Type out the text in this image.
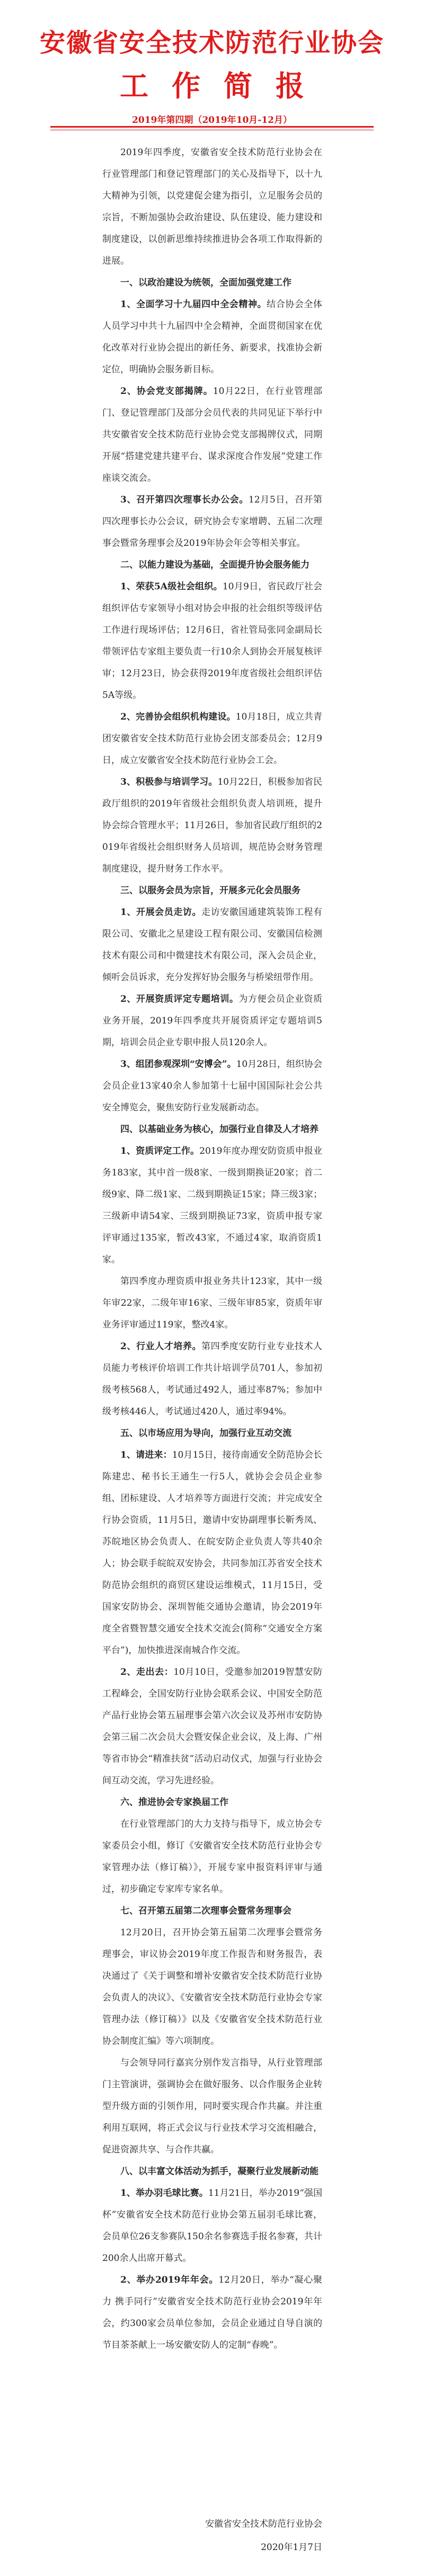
安徽省安全技术防范行业协会
工作简报
2019年第四期（2019年10月-12月）

2019年四季度，安徽省安全技术防范行业协会在行业管理部门和登记管理部门的关心及指导下，以十九大精神为引领，以党建促会建为指引，立足服务会员的宗旨，不断加强协会政治建设、队伍建设、能力建设和制度建设，以创新思维持续推进协会各项工作取得新的进展。

一、以政治建设为统领，全面加强党建工作

1、全面学习十九届四中全会精神。结合协会全体人员学习中共十九届四中全会精神，全面贯彻国家在优化改革对行业协会提出的新任务、新要求，找准协会新定位，明确协会服务新目标。

2、协会党支部揭牌。10月22日，在行业管理部门、登记管理部门及部分会员代表的共同见证下举行中共安徽省安全技术防范行业协会党支部揭牌仪式，同期开展“搭建党建共建平台、谋求深度合作发展”党建工作座谈交流会。

3、召开第四次理事长办公会。12月5日，召开第四次理事长办公会议，研究协会专家增聘、五届二次理事会暨常务理事会及2019年协会年会等相关事宜。

二、以能力建设为基础，全面提升协会服务能力

1、荣获5A级社会组织。10月9日，省民政厅社会组织评估专家领导小组对协会申报的社会组织等级评估工作进行现场评估；12月6日，省社管局张同金副局长带领评估专家组主要负责一行10余人到协会开展复核评审；12月23日，协会获得2019年度省级社会组织评估5A等级。

2、完善协会组织机构建设。10月18日，成立共青团安徽省安全技术防范行业协会团支部委员会；12月9日，成立安徽省安全技术防范行业协会工会。

3、积极参与培训学习。10月22日，积极参加省民政厅组织的2019年省级社会组织负责人培训班，提升协会综合管理水平；11月26日，参加省民政厅组织的2019年省级社会组织财务人员培训，规范协会财务管理制度建设，提升财务工作水平。

三、以服务会员为宗旨，开展多元化会员服务

1、开展会员走访。走访安徽国通建筑装饰工程有限公司、安徽北之星建设工程有限公司、安徽国信检测技术有限公司和中微建技术有限公司，深入会员企业，倾听会员诉求，充分发挥好协会服务与桥梁纽带作用。

2、开展资质评定专题培训。为方便会员企业资质业务开展，2019年四季度共开展资质评定专题培训5期，培训会员企业专职申报人员120余人。

3、组团参观深圳“安博会”。10月28日，组织协会会员企业13家40余人参加第十七届中国国际社会公共安全博览会，聚焦安防行业发展新动态。

四、以基础业务为核心，加强行业自律及人才培养

1、资质评定工作。2019年度办理安防资质申报业务183家，其中首一级8家、一级到期换证20家；首二级9家、降二级1家、二级到期换证15家；降三级3家；三级新申请54家、三级到期换证73家，资质申报专家评审通过135家，暂改43家，不通过4家，取消资质1家。

第四季度办理资质申报业务共计123家，其中一级年审22家，二级年审16家、三级年审85家，资质年审业务评审通过119家，整改4家。

2、行业人才培养。第四季度安防行业专业技术人员能力考核评价培训工作共计培训学员701人，参加初级考核568人，考试通过492人，通过率87%；参加中级考核446人，考试通过420人，通过率94%。

五、以市场应用为导向，加强行业互动交流

1、请进来：10月15日，接待南通安全防范协会长陈建忠、秘书长王通生一行5人，就协会会员企业参组、团标建设、人才培养等方面进行交流；并完成安全行协会资质，11月5日，邀请中安协副理事长靳秀凤、苏皖地区协会负责人、在皖安防企业负责人等共40余人；协会联手皖皖双安协会，共同参加江苏省安全技术防范协会组织的商贸区建设运维模式，11月15日，受国家安防协会、深圳智能交通协会邀请，协会2019年度全省暨智慧交通安全技术交流会(简称“交通安全方案平台”)，加快推进深南城合作交流。

2、走出去：10月10日，受邀参加2019智慧安防工程峰会，全国安防行业协会联系会议、中国安全防范产品行业协会第五届理事会第六次会议及苏州市安防协会第三届二次会员大会暨安保企业会议，及上海、广州等省市协会“精准扶贫”活动启动仪式，加强与行业协会间互动交流，学习先进经验。

六、推进协会专家换届工作

在行业管理部门的大力支持与指导下，成立协会专家委员会小组，修订《安徽省安全技术防范行业协会专家管理办法（修订稿）》，开展专家申报资料评审与通过，初步确定专家库专家名单。

七、召开第五届第二次理事会暨常务理事会

12月20日，召开协会第五届第二次理事会暨常务理事会，审议协会2019年度工作报告和财务报告，表决通过了《关于调整和增补安徽省安全技术防范行业协会负责人的决议》、《安徽省安全技术防范行业协会专家管理办法（修订稿）》以及《安徽省安全技术防范行业协会制度汇编》等六项制度。

与会领导同行嘉宾分别作发言指导，从行业管理部门主管演讲，强调协会在做好服务、以合作服务企业转型升级方面的引领作用，同时要实现合作共赢。并注重利用互联网，将正式会议与行业技术学习交流相融合，促进资源共享、与合作共赢。

八、以丰富文体活动为抓手，凝聚行业发展新动能

1、举办羽毛球比赛。11月21日，举办2019“强国杯”安徽省安全技术防范行业协会第五届羽毛球比赛，会员单位26支参赛队150余名参赛选手报名参赛，共计200余人出席开幕式。

2、举办2019年年会。12月20日，举办“凝心聚力 携手同行”安徽省安全技术防范行业协会2019年年会，约300家会员单位参加，会员企业通过自导自演的节目茶茶献上一场安徽安防人的定制“春晚”。

安徽省安全技术防范行业协会
2020年1月7日
